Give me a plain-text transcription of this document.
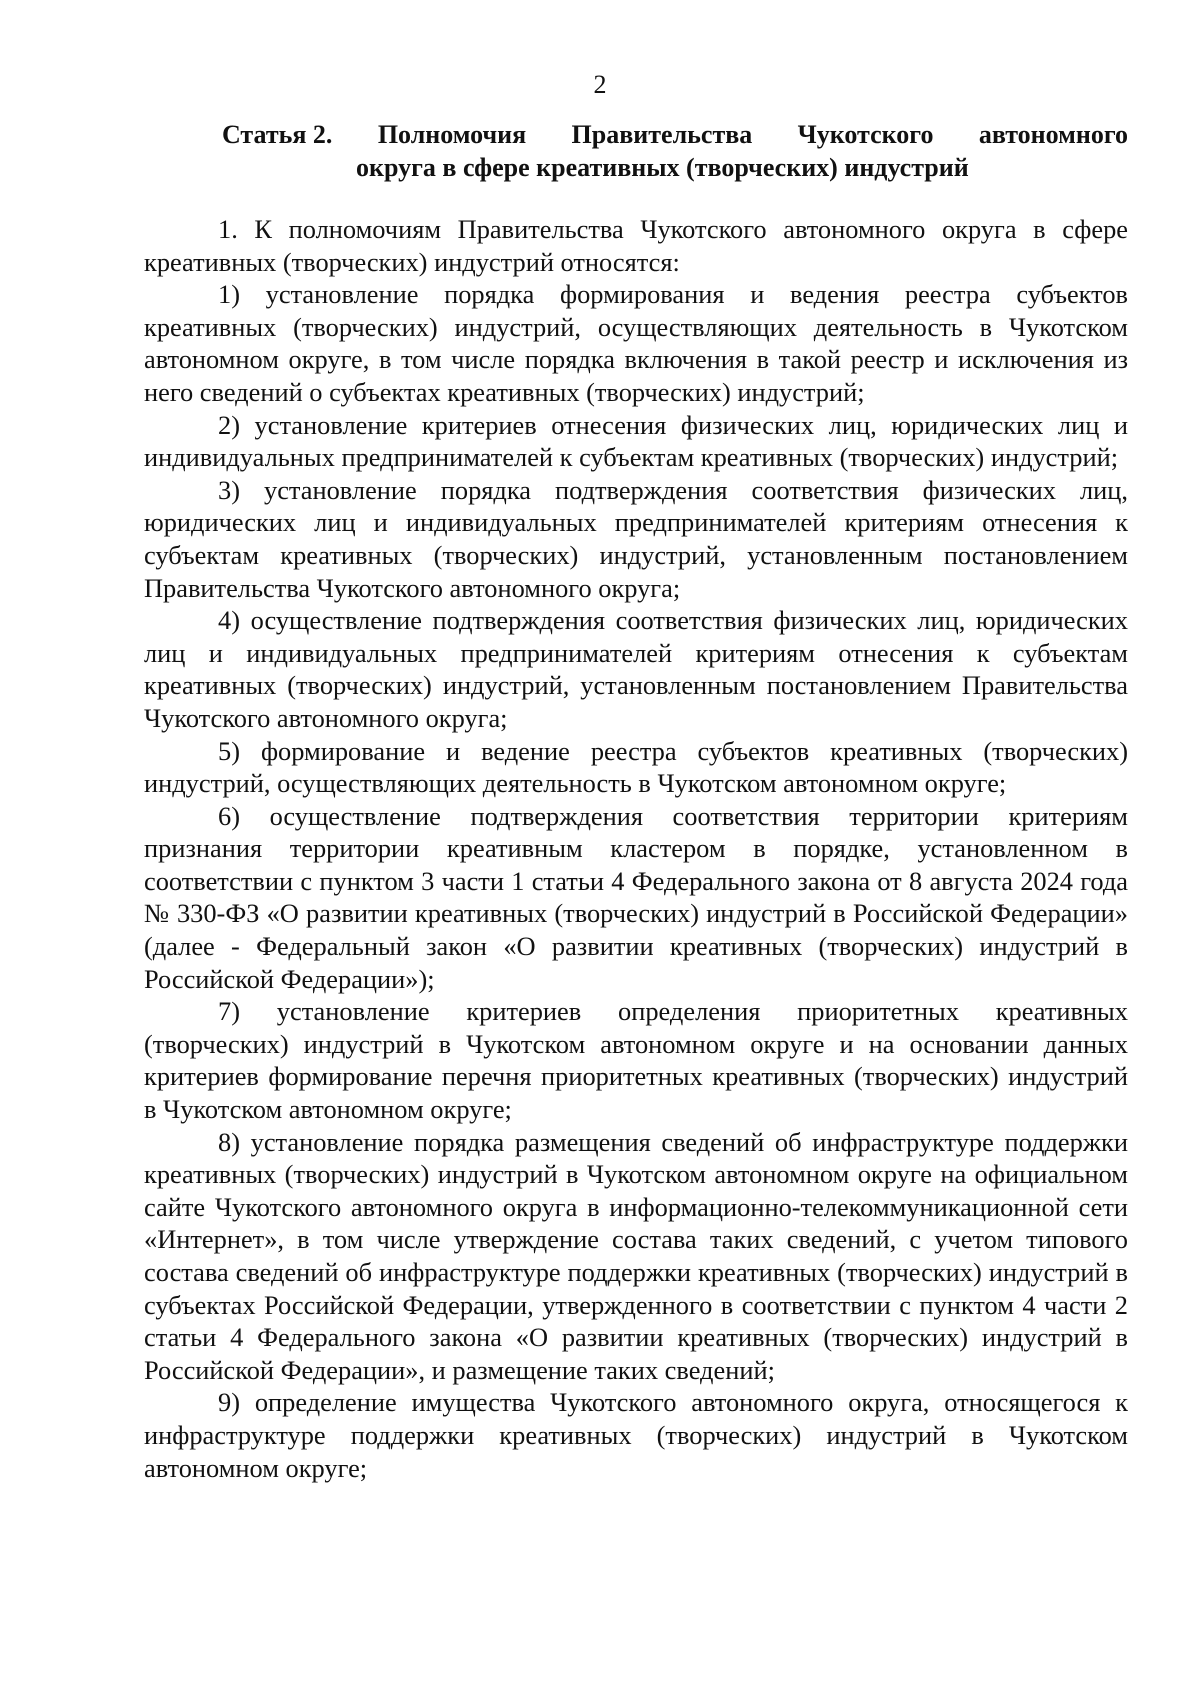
2
Статья 2. Полномочия Правительства Чукотского автономного
округа в сфере креативных (творческих) индустрий

1. К полномочиям Правительства Чукотского автономного округа в сфере креативных (творческих) индустрий относятся:

1) установление порядка формирования и ведения реестра субъектов креативных (творческих) индустрий, осуществляющих деятельность в Чукотском автономном округе, в том числе порядка включения в такой реестр и исключения из него сведений о субъектах креативных (творческих) индустрий;

2) установление критериев отнесения физических лиц, юридических лиц и индивидуальных предпринимателей к субъектам креативных (творческих) индустрий;

3) установление порядка подтверждения соответствия физических лиц, юридических лиц и индивидуальных предпринимателей критериям отнесения к субъектам креативных (творческих) индустрий, установленным постановлением Правительства Чукотского автономного округа;

4) осуществление подтверждения соответствия физических лиц, юридических лиц и индивидуальных предпринимателей критериям отнесения к субъектам креативных (творческих) индустрий, установленным постановлением Правительства Чукотского автономного округа;

5) формирование и ведение реестра субъектов креативных (творческих) индустрий, осуществляющих деятельность в Чукотском автономном округе;

6) осуществление подтверждения соответствия территории критериям признания территории креативным кластером в порядке, установленном в соответствии с пунктом 3 части 1 статьи 4 Федерального закона от 8 августа 2024 года № 330-ФЗ «О развитии креативных (творческих) индустрий в Российской Федерации» (далее - Федеральный закон «О развитии креативных (творческих) индустрий в Российской Федерации»);

7) установление критериев определения приоритетных креативных (творческих) индустрий в Чукотском автономном округе и на основании данных критериев формирование перечня приоритетных креативных (творческих) индустрий в Чукотском автономном округе;

8) установление порядка размещения сведений об инфраструктуре поддержки креативных (творческих) индустрий в Чукотском автономном округе на официальном сайте Чукотского автономного округа в информационно-телекоммуникационной сети «Интернет», в том числе утверждение состава таких сведений, с учетом типового состава сведений об инфраструктуре поддержки креативных (творческих) индустрий в субъектах Российской Федерации, утвержденного в соответствии с пунктом 4 части 2 статьи 4 Федерального закона «О развитии креативных (творческих) индустрий в Российской Федерации», и размещение таких сведений;

9) определение имущества Чукотского автономного округа, относящегося к инфраструктуре поддержки креативных (творческих) индустрий в Чукотском автономном округе;
